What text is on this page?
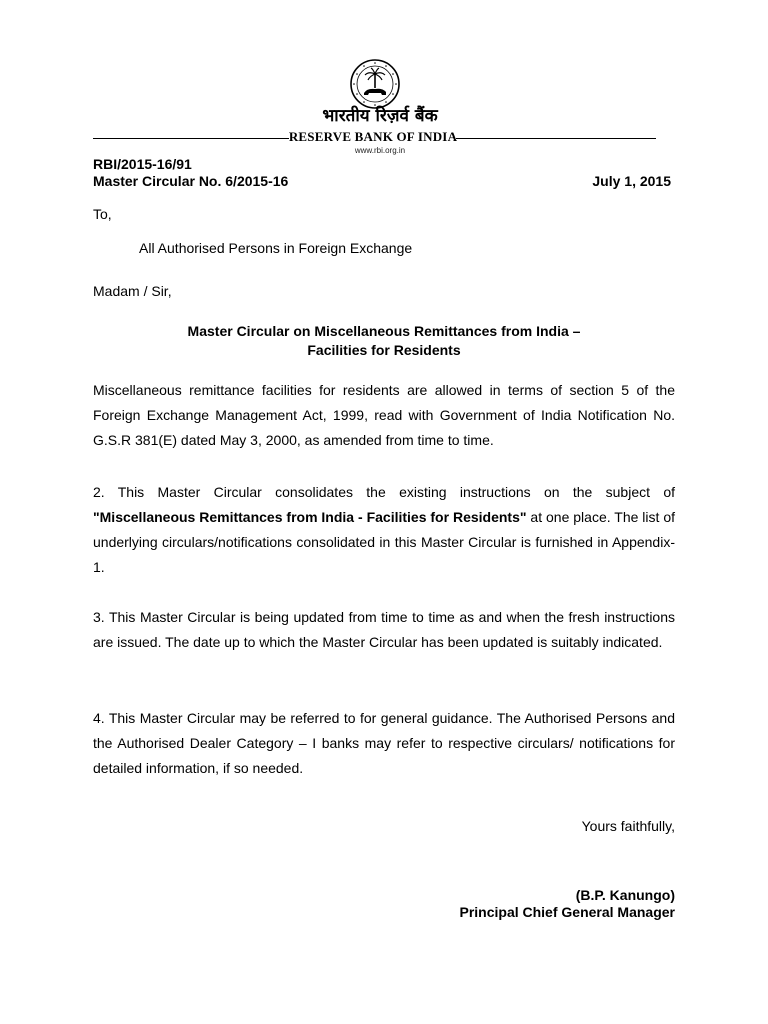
भारतीय रिज़र्व बैंक
RESERVE BANK OF INDIA
www.rbi.org.in
RBI/2015-16/91
Master Circular No. 6/2015-16	July 1, 2015
To,
All Authorised Persons in Foreign Exchange
Madam / Sir,
Master Circular on Miscellaneous Remittances from India –
Facilities for Residents
Miscellaneous remittance facilities for residents are allowed in terms of section 5 of the Foreign Exchange Management Act, 1999, read with Government of India Notification No. G.S.R 381(E) dated May 3, 2000, as amended from time to time.
2. This Master Circular consolidates the existing instructions on the subject of "Miscellaneous Remittances from India - Facilities for Residents" at one place. The list of underlying circulars/notifications consolidated in this Master Circular is furnished in Appendix-1.
3. This Master Circular is being updated from time to time as and when the fresh instructions are issued. The date up to which the Master Circular has been updated is suitably indicated.
4. This Master Circular may be referred to for general guidance. The Authorised Persons and the Authorised Dealer Category – I banks may refer to respective circulars/ notifications for detailed information, if so needed.
Yours faithfully,
(B.P. Kanungo)
Principal Chief General Manager
